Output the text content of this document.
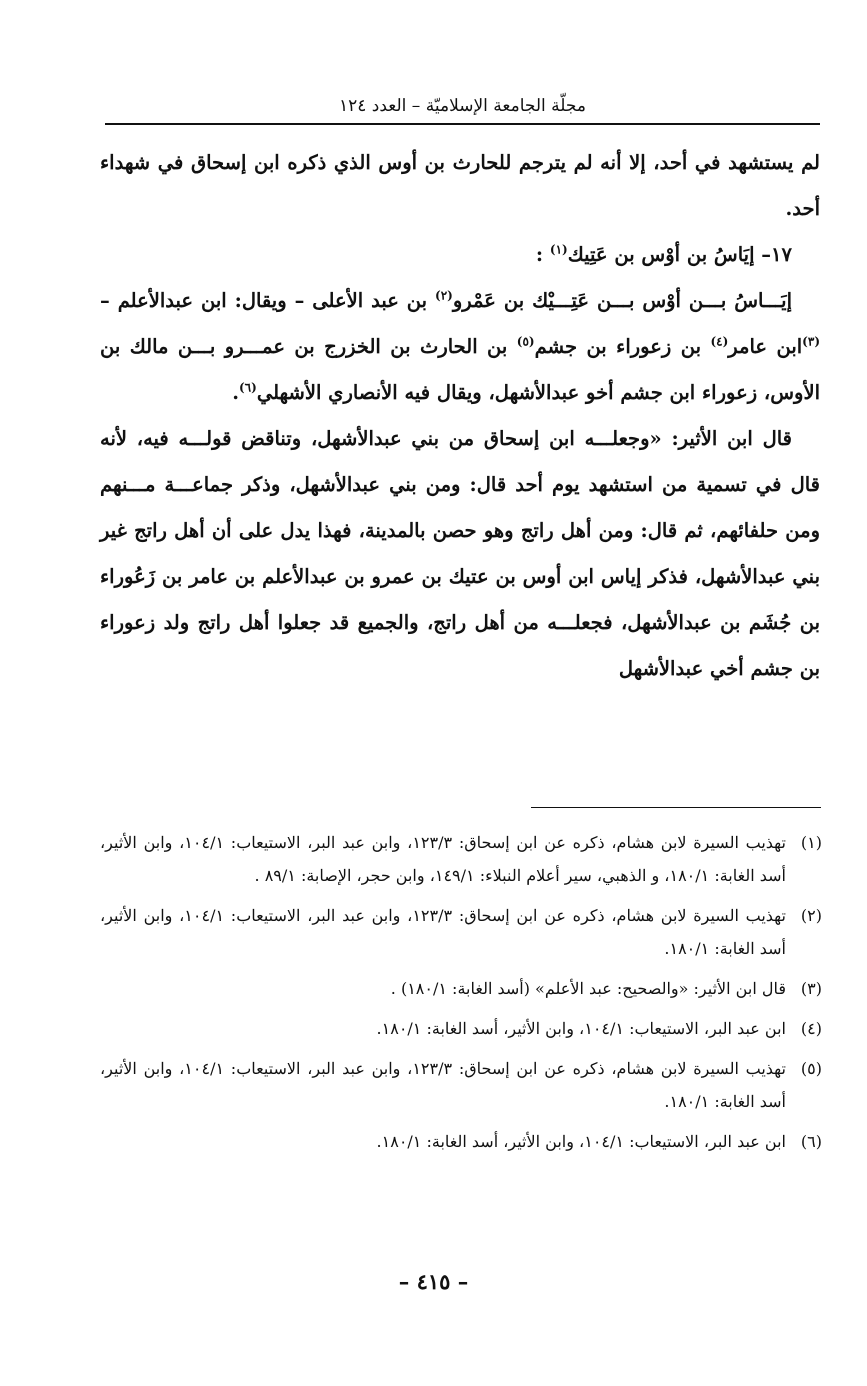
مجلّة الجامعة الإسلاميّة – العدد ١٢٤

لم يستشهد في أحد، إلا أنه لم يترجم للحارث بن أوس الذي ذكره ابن إسحاق في شهداء أحد.

١٧– إيَاسُ بن أوْس بن عَتِيك$^{(١)}$ :

إيَـــاسُ بـــن أوْس بـــن عَتِـــيْك بن عَمْرو$^{(٢)}$ بن عبد الأعلى – ويقال: ابن عبدالأعلم – $^{(٣)}$ابن عامر$^{(٤)}$ بن زعوراء بن جشم$^{(٥)}$ بن الحارث بن الخزرج بن عمـــرو بـــن مالك بن الأوس، زعوراء ابن جشم أخو عبدالأشهل، ويقال فيه الأنصاري الأشهلي$^{(٦)}$.

قال ابن الأثير: «وجعلـــه ابن إسحاق من بني عبدالأشهل، وتناقض قولـــه فيه، لأنه قال في تسمية من استشهد يوم أحد قال: ومن بني عبدالأشهل، وذكر جماعـــة مـــنهم ومن حلفائهم، ثم قال: ومن أهل راتج وهو حصن بالمدينة، فهذا يدل على أن أهل راتج غير بني عبدالأشهل، فذكر إياس ابن أوس بن عتيك بن عمرو بن عبدالأعلم بن عامر بن زَعُوراء بن جُشَم بن عبدالأشهل، فجعلـــه من أهل راتج، والجميع قد جعلوا أهل راتج ولد زعوراء بن جشم أخي عبدالأشهل

(١)تهذيب السيرة لابن هشام، ذكره عن ابن إسحاق: ١٢٣/٣، وابن عبد البر، الاستيعاب: ١٠٤/١، وابن الأثير، أسد الغابة: ١٨٠/١، و الذهبي، سير أعلام النبلاء: ١٤٩/١، وابن حجر، الإصابة: ٨٩/١ .

(٢)تهذيب السيرة لابن هشام، ذكره عن ابن إسحاق: ١٢٣/٣، وابن عبد البر، الاستيعاب: ١٠٤/١، وابن الأثير، أسد الغابة: ١٨٠/١.

(٣)قال ابن الأثير: «والصحيح: عبد الأعلم» (أسد الغابة: ١٨٠/١) .

(٤)ابن عبد البر، الاستيعاب: ١٠٤/١، وابن الأثير، أسد الغابة: ١٨٠/١.

(٥)تهذيب السيرة لابن هشام، ذكره عن ابن إسحاق: ١٢٣/٣، وابن عبد البر، الاستيعاب: ١٠٤/١، وابن الأثير، أسد الغابة: ١٨٠/١.

(٦)ابن عبد البر، الاستيعاب: ١٠٤/١، وابن الأثير، أسد الغابة: ١٨٠/١.

– ٤١٥ –
